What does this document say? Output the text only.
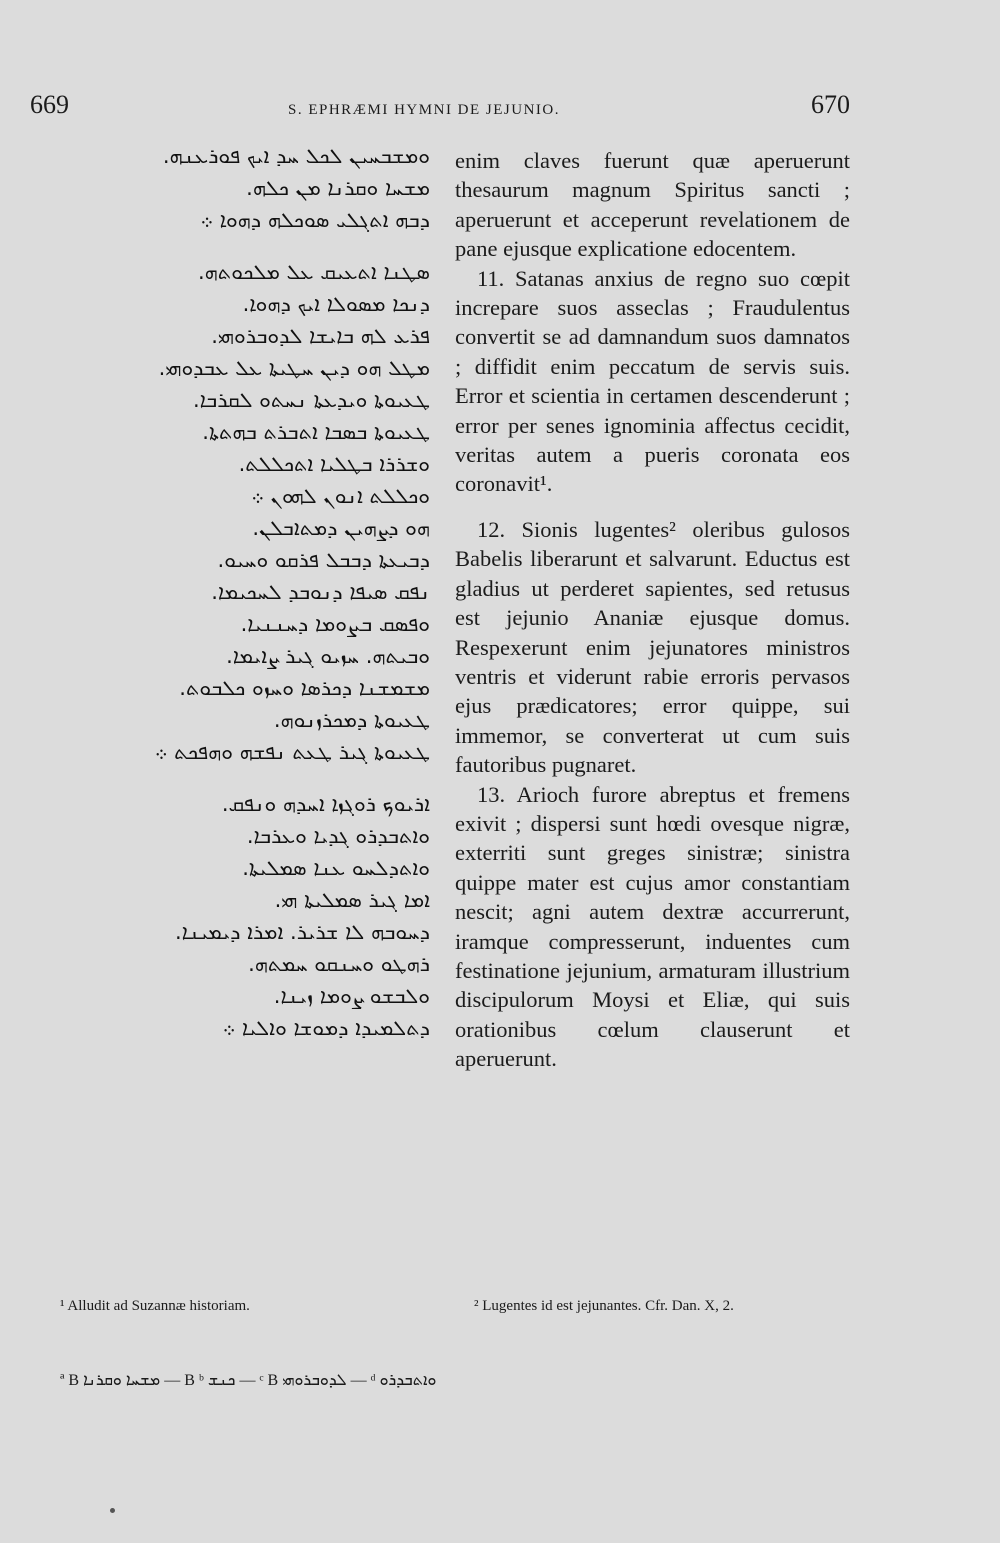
669	S. EPHRÆMI HYMNI DE JEJUNIO.	670
ܘܡܫܒܚܝܢ ܠܟܠ ܚܕ ܐܝܟ ܦܘܪܥܢܗ.
ܡܫܚܐ ܘܩܪܢܐ ܡܢ ܟܠܗ.
ܕܒܗ ܐܬܓܠܝ ܣܘܟܠܗ ܕܗܘܐ ܀
ܣܛܢܐ ܐܬܥܝܩ ܥܠ ܡܠܟܘܬܗ.
ܕܢܟܐ ܡܣܘܠܐ ܐܝܟ ܕܗܘܐ.
ܦܪܥ ܠܗ ܒܐܝܫܐ ܠܕܘܒܪܘܗܝ.
ܡܛܠ ܗܘ ܕܝܢ ܚܛܝܬܐ ܥܠ ܥܒܕܘܗܝ.
ܛܥܝܘܬܐ ܘܝܕܥܬܐ ܢܚܬܘ ܠܩܪܒܐ.
ܛܥܝܘܬܐ ܒܣܒܐ ܐܬܒܪܬ ܒܗܬܬܐ.
ܘܫܪܪܐ ܒܛܠܝܐ ܐܬܟܠܠܬ.
ܘܟܠܠܬ ܐܢܘܢ ܠܗܘܢ ܀
ܗܘ ܕܨܗܝܢ ܕܡܬܐܒܠܢ.
ܕܒܝܥܬܐ ܕܒܒܠ ܦܪܩܘ ܘܚܝܘ.
ܢܦܩ ܣܝܦܐ ܕܢܘܒܕ ܠܚܟܝܡܐ.
ܘܦܣܩ ܒܨܘܡܐ ܕܚܢܢܝܐ.
ܘܒܝܬܗ. ܚܙܝܘ ܓܝܪ ܨܐܝܡܐ.
ܡܫܡܫܢܐ ܕܟܪܣܐ ܘܚܙܘ ܟܠܒܘܬ.
ܛܥܝܘܬܐ ܕܡܟܪܙܢܘܗ.
ܛܥܝܘܬܐ ܓܝܪ ܛܥܬ ܢܦܫܗ ܘܗܦܟܬ ܀
ܐܪܝܘܟ ܪܘܓܙܐ ܐܚܕܗ ܘܢܦܩ.
ܘܐܬܒܕܪܘ ܓܕܝܐ ܘܥܪܒܐ.
ܘܐܬܕܠܚܘ ܥܢܐ ܣܡܠܝܬܐ.
ܐܡܐ ܓܝܪ ܣܡܠܝܬܐ ܗܝ.
ܕܚܘܒܗ ܠܐ ܫܪܝܪ. ܐܡܪܐ ܕܝܡܝܢܐ.
ܪܗܛܘ ܘܚܢܩܘ ܚܡܬܗ.
ܘܠܒܫܘ ܨܘܡܐ ܙܝܢܐ.
ܕܬܠܡܝܕܐ ܕܡܘܫܐ ܘܐܠܝܐ ܀

enim claves fuerunt quæ aperuerunt thesaurum magnum Spiritus sancti ; aperuerunt et acceperunt revelationem de pane ejusque explicatione edocentem.

11. Satanas anxius de regno suo cœpit increpare suos asseclas ; Fraudulentus convertit se ad damnandum suos damnatos ; diffidit enim peccatum de servis suis. Error et scientia in certamen descenderunt ; error per senes ignominia affectus cecidit, veritas autem a pueris coronata eos coronavit¹.

12. Sionis lugentes² oleribus gulosos Babelis liberarunt et salvarunt. Eductus est gladius ut perderet sapientes, sed retusus est jejunio Ananiæ ejusque domus. Respexerunt enim jejunatores ministros ventris et viderunt rabie erroris pervasos ejus prædicatores; error quippe, sui immemor, se converterat ut cum suis fautoribus pugnaret.

13. Arioch furore abreptus et fremens exivit ; dispersi sunt hœdi ovesque nigræ, exterriti sunt greges sinistræ; sinistra quippe mater est cujus amor constantiam nescit; agni autem dextræ accurrerunt, iramque compresserunt, induentes cum festinatione jejunium, armaturam illustrium discipulorum Moysi et Eliæ, qui suis orationibus cœlum clauserunt et aperuerunt.

¹ Alludit ad Suzannæ historiam.	² Lugentes id est jejunantes. Cfr. Dan. X, 2.
ª B ܡܫܚܐ ܘܩܪܢܐ — B ᵇ ܟܢܫ — ᶜ B ܠܕܘܒܪܘܗܝ — ᵈ ܘܐܬܒܕܪܘ
